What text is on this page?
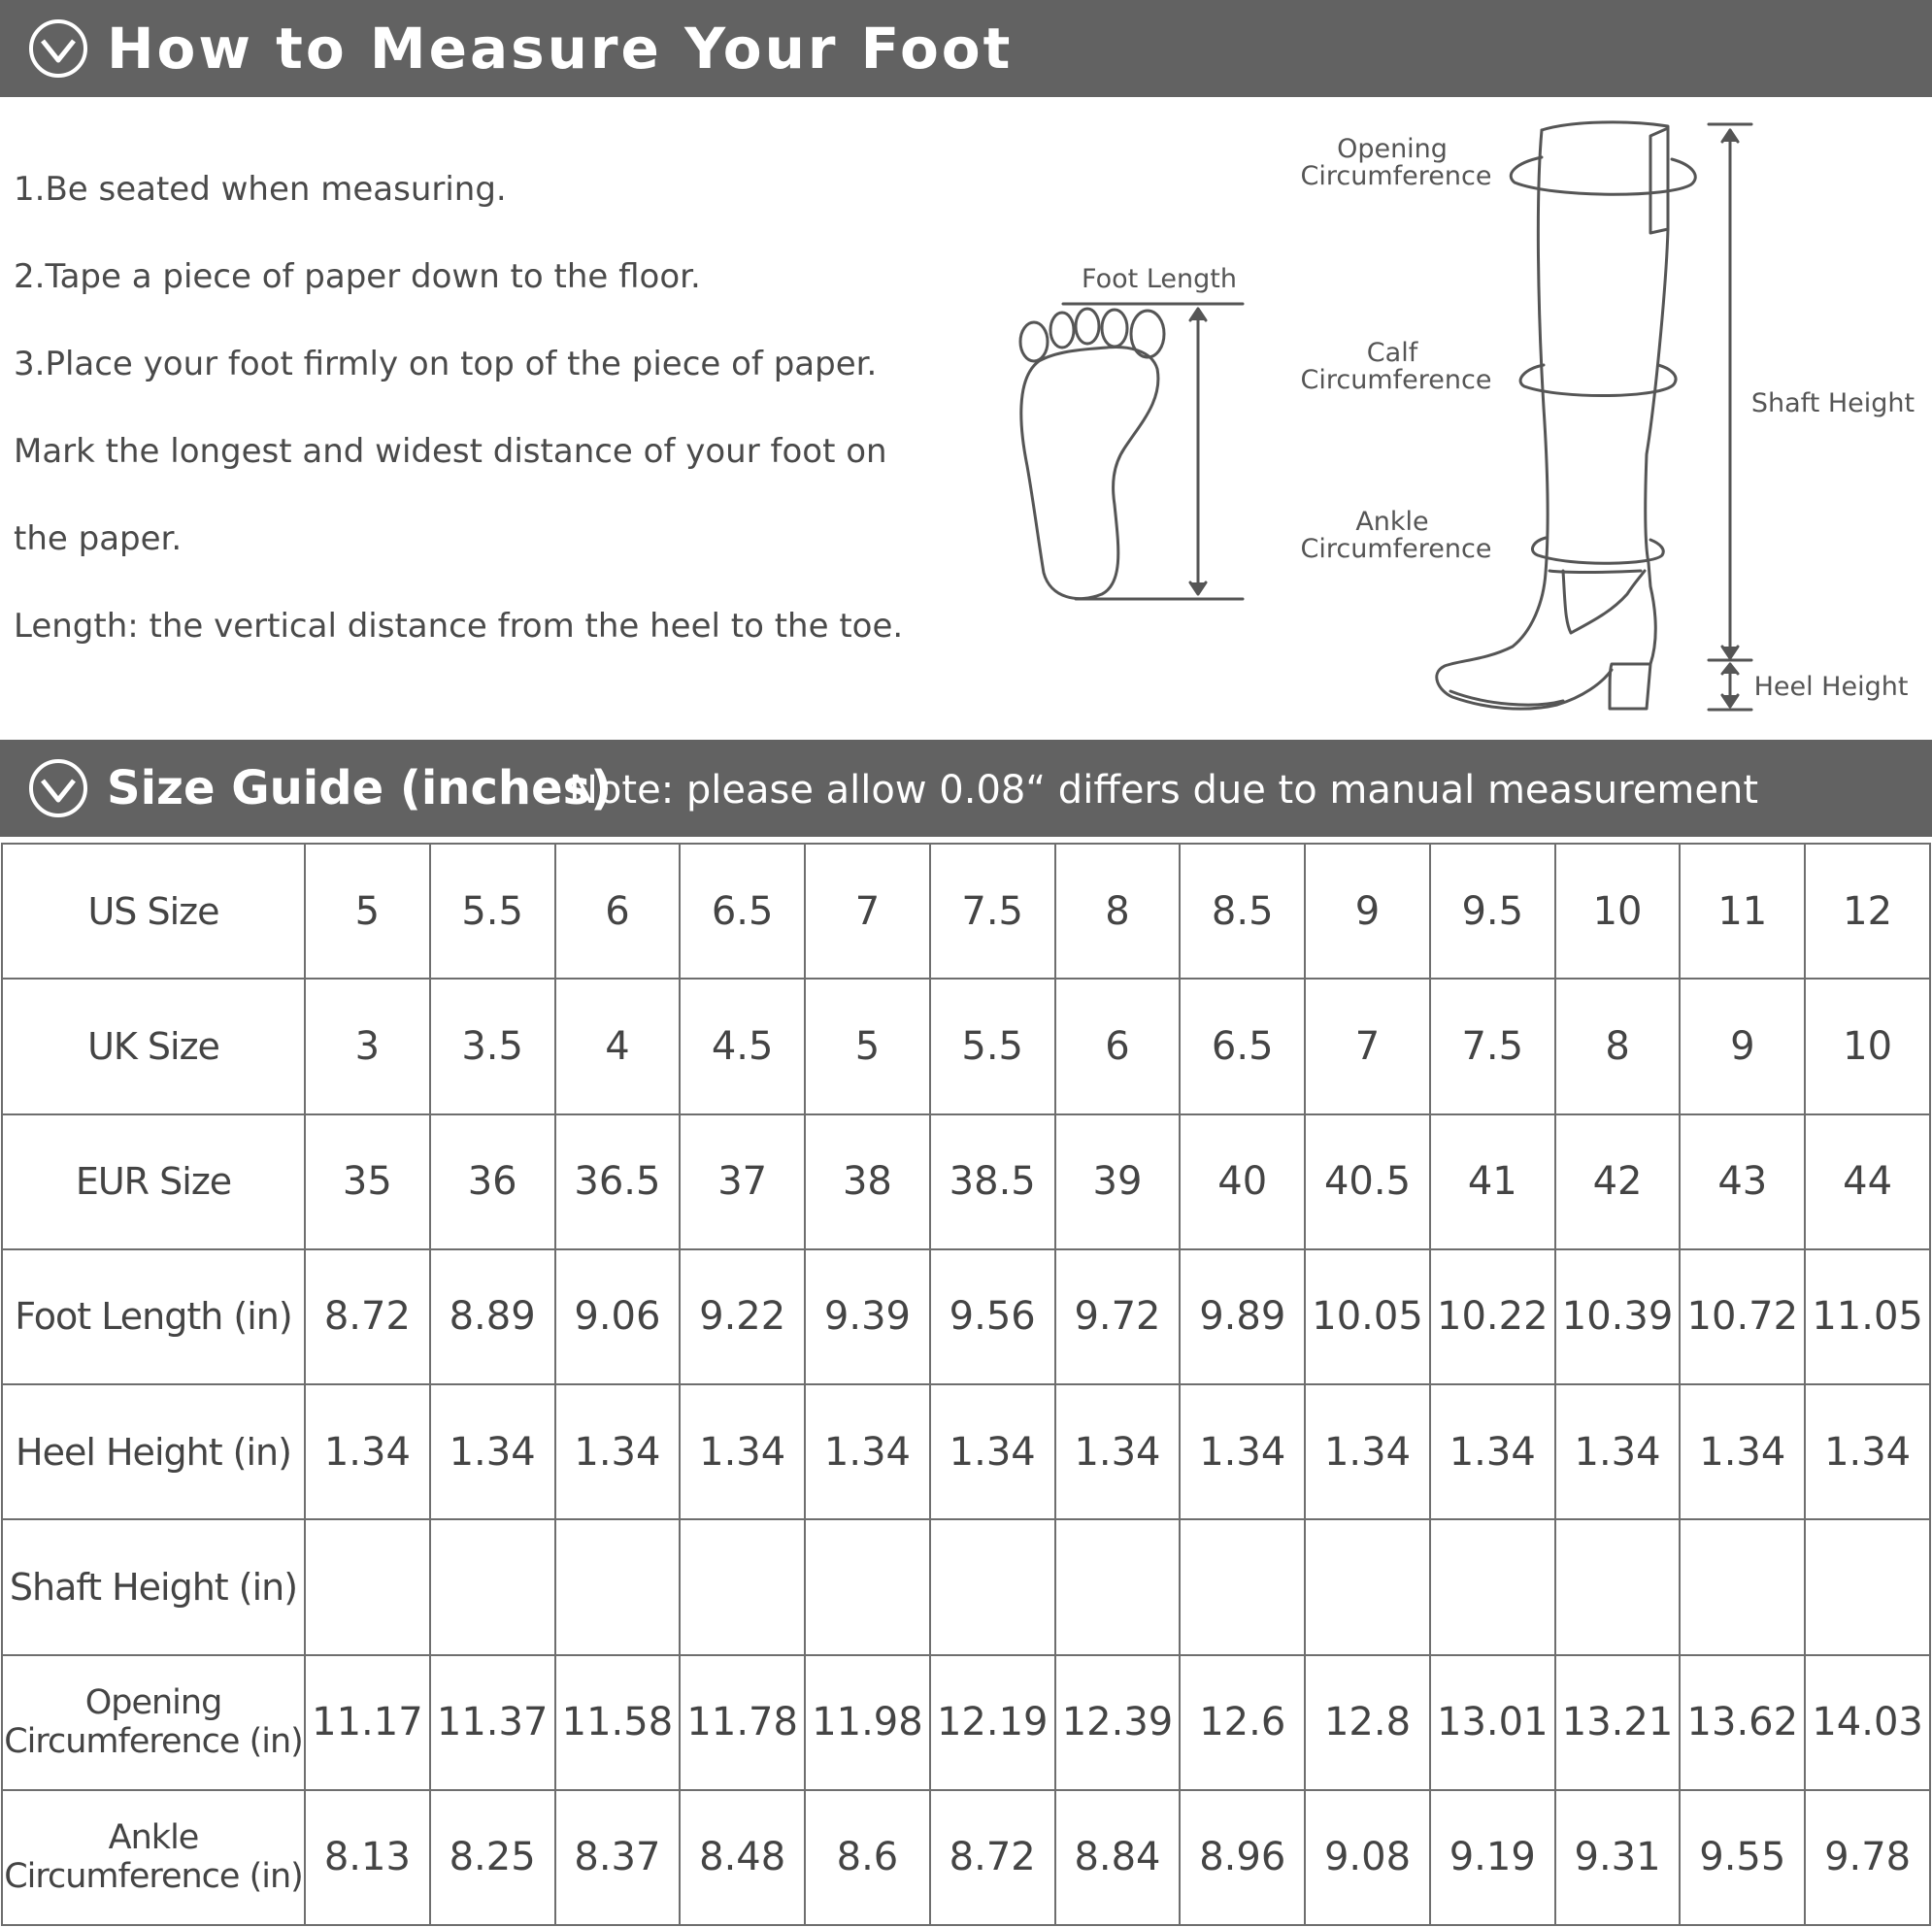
How to Measure Your Foot
1.Be seated when measuring.
2.Tape a piece of paper down to the floor.
3.Place your foot firmly on top of the piece of paper.
Mark the longest and widest distance of your foot on
the paper.
Length: the vertical distance from the heel to the toe.
Foot Length
Opening
Circumference
Calf
Circumference
Ankle
Circumference
Shaft Height
Heel Height
Size Guide (inches)
Note: please allow 0.08“ differs due to manual measurement
US Size	5	5.5	6	6.5	7	7.5	8	8.5	9	9.5	10	11	12
UK Size	3	3.5	4	4.5	5	5.5	6	6.5	7	7.5	8	9	10
EUR Size	35	36	36.5	37	38	38.5	39	40	40.5	41	42	43	44
Foot Length (in)	8.72	8.89	9.06	9.22	9.39	9.56	9.72	9.89	10.05	10.22	10.39	10.72	11.05
Heel Height (in)	1.34	1.34	1.34	1.34	1.34	1.34	1.34	1.34	1.34	1.34	1.34	1.34	1.34
Shaft Height (in)													

Opening
Circumference (in)	11.17	11.37	11.58	11.78	11.98	12.19	12.39	12.6	12.8	13.01	13.21	13.62	14.03

Ankle
Circumference (in)	8.13	8.25	8.37	8.48	8.6	8.72	8.84	8.96	9.08	9.19	9.31	9.55	9.78
